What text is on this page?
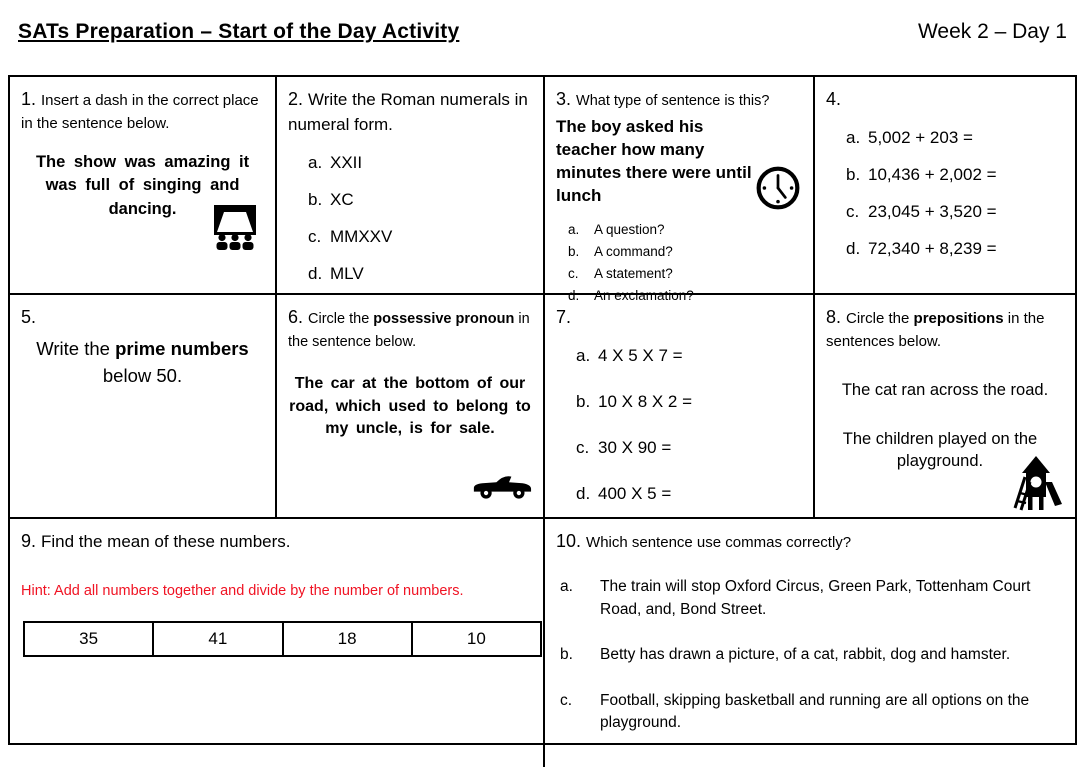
SATs Preparation – Start of the Day Activity	Week 2 – Day 1

1. Insert a dash in the correct place in the sentence below.

The show was amazing it was full of singing and dancing.

2. Write the Roman numerals in numeral form.

a. XXII
b. XC
c. MMXXV
d. MLV

3. What type of sentence is this?

The boy asked his teacher how many minutes there were until lunch

a.	A question?
b.	A command?
c.	A statement?
d.	An exclamation?

4.

a. 5,002 + 203 =
b. 10,436 + 2,002 =
c. 23,045 + 3,520 =
d. 72,340 + 8,239 =

5.

Write the prime numbers below 50.

6. Circle the possessive pronoun in the sentence below.

The car at the bottom of our road, which used to belong to my uncle, is for sale.

7.

a. 4 X 5 X 7 =
b. 10 X 8 X 2 =
c. 30 X 90 =
d. 400 X 5 =

8. Circle the prepositions in the sentences below.

The cat ran across the road.

The children played on the playground.

9. Find the mean of these numbers.

Hint: Add all numbers together and divide by the number of numbers.

35	41	18	10

10. Which sentence use commas correctly?

a.	The train will stop Oxford Circus, Green Park, Tottenham Court Road, and, Bond Street.
b.	Betty has drawn a picture, of a cat, rabbit, dog and hamster.
c.	Football, skipping basketball and running are all options on the playground.
